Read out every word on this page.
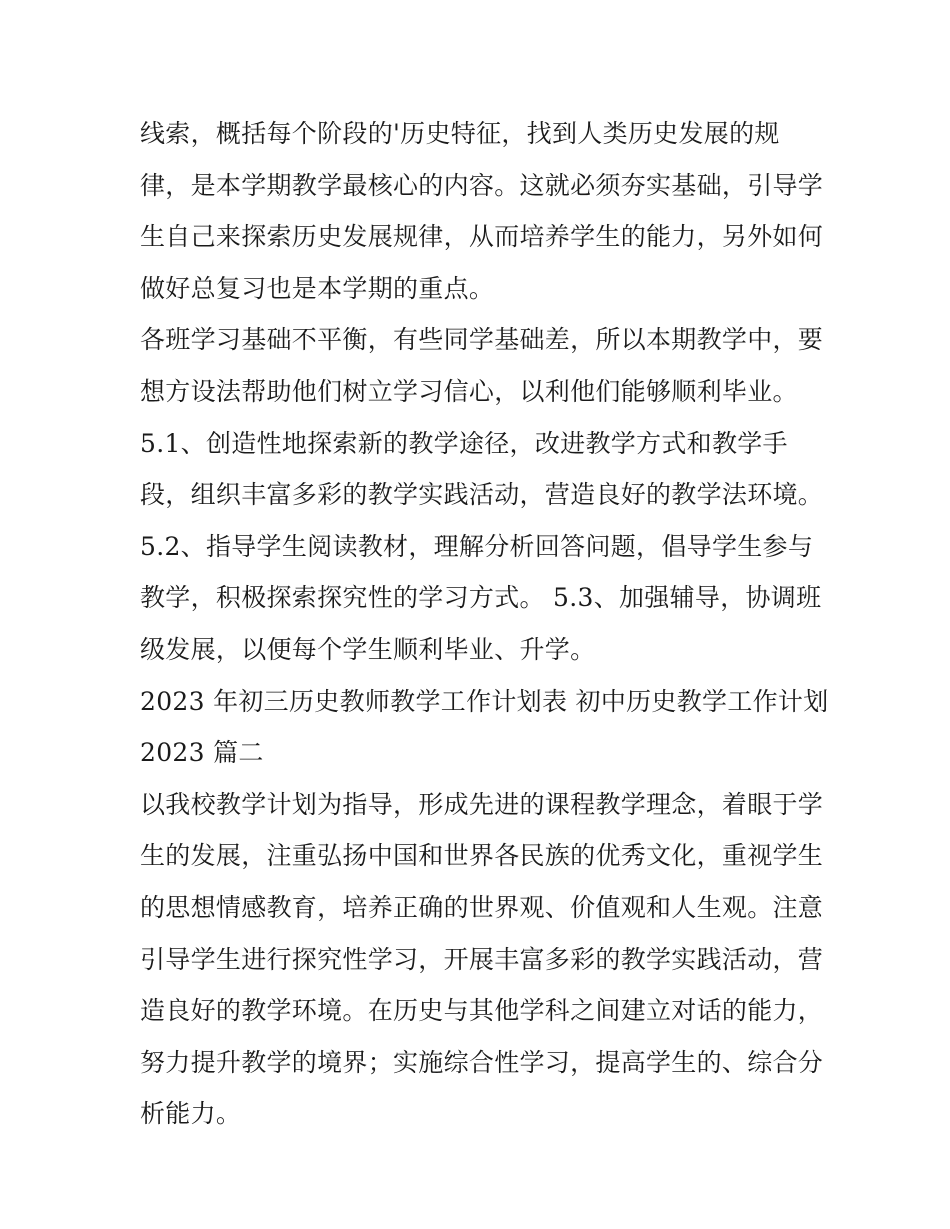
线索，概括每个阶段的'历史特征，找到人类历史发展的规
律，是本学期教学最核心的内容。这就必须夯实基础，引导学
生自己来探索历史发展规律，从而培养学生的能力，另外如何
做好总复习也是本学期的重点。
各班学习基础不平衡，有些同学基础差，所以本期教学中，要
想方设法帮助他们树立学习信心，以利他们能够顺利毕业。
5.1、创造性地探索新的教学途径，改进教学方式和教学手
段，组织丰富多彩的教学实践活动，营造良好的教学法环境。
5.2、指导学生阅读教材，理解分析回答问题，倡导学生参与
教学，积极探索探究性的学习方式。 5.3、加强辅导，协调班
级发展，以便每个学生顺利毕业、升学。
2023 年初三历史教师教学工作计划表 初中历史教学工作计划
2023 篇二
以我校教学计划为指导，形成先进的课程教学理念，着眼于学
生的发展，注重弘扬中国和世界各民族的优秀文化，重视学生
的思想情感教育，培养正确的世界观、价值观和人生观。注意
引导学生进行探究性学习，开展丰富多彩的教学实践活动，营
造良好的教学环境。在历史与其他学科之间建立对话的能力，
努力提升教学的境界；实施综合性学习，提高学生的、综合分
析能力。
